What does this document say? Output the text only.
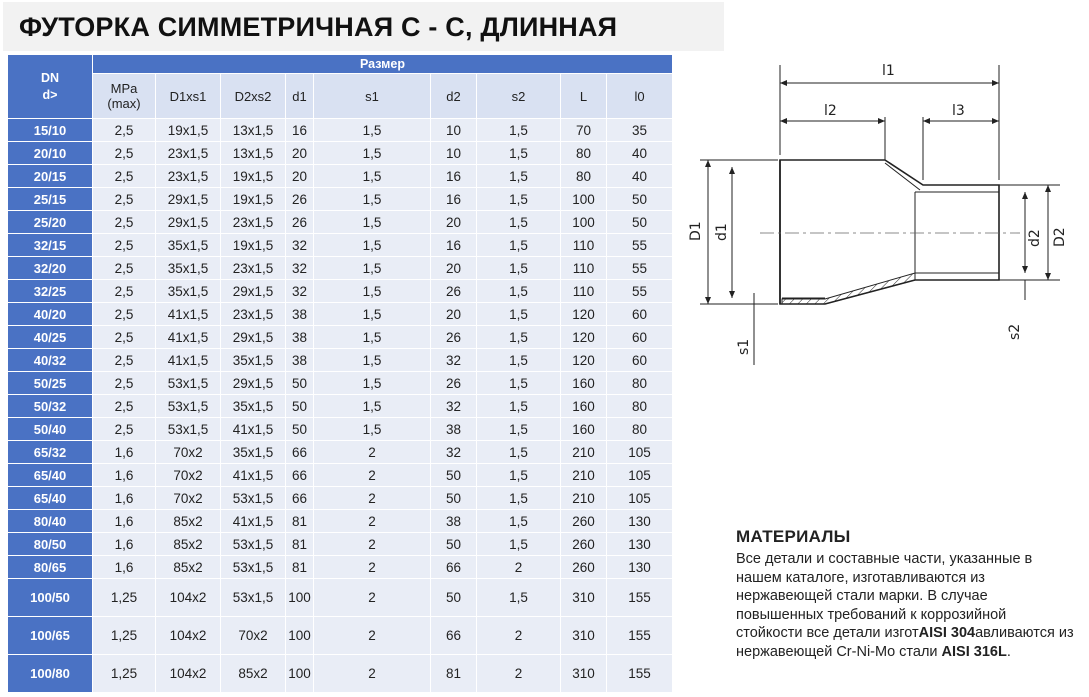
ФУТОРКА СИММЕТРИЧНАЯ С - С, ДЛИННАЯ
DN
d>	Размер								
	MPa
(max)	D1xs1	D2xs2	d1	s1	d2	s2	L	l0
15/10	2,5	19x1,5	13x1,5	16	1,5	10	1,5	70	35
20/10	2,5	23x1,5	13x1,5	20	1,5	10	1,5	80	40
20/15	2,5	23x1,5	19x1,5	20	1,5	16	1,5	80	40
25/15	2,5	29x1,5	19x1,5	26	1,5	16	1,5	100	50
25/20	2,5	29x1,5	23x1,5	26	1,5	20	1,5	100	50
32/15	2,5	35x1,5	19x1,5	32	1,5	16	1,5	110	55
32/20	2,5	35x1,5	23x1,5	32	1,5	20	1,5	110	55
32/25	2,5	35x1,5	29x1,5	32	1,5	26	1,5	110	55
40/20	2,5	41x1,5	23x1,5	38	1,5	20	1,5	120	60
40/25	2,5	41x1,5	29x1,5	38	1,5	26	1,5	120	60
40/32	2,5	41x1,5	35x1,5	38	1,5	32	1,5	120	60
50/25	2,5	53x1,5	29x1,5	50	1,5	26	1,5	160	80
50/32	2,5	53x1,5	35x1,5	50	1,5	32	1,5	160	80
50/40	2,5	53x1,5	41x1,5	50	1,5	38	1,5	160	80
65/32	1,6	70x2	35x1,5	66	2	32	1,5	210	105
65/40	1,6	70x2	41x1,5	66	2	50	1,5	210	105
65/40	1,6	70x2	53x1,5	66	2	50	1,5	210	105
80/40	1,6	85x2	41x1,5	81	2	38	1,5	260	130
80/50	1,6	85x2	53x1,5	81	2	50	1,5	260	130
80/65	1,6	85x2	53x1,5	81	2	66	2	260	130
100/50	1,25	104x2	53x1,5	100	2	50	1,5	310	155
100/65	1,25	104x2	70x2	100	2	66	2	310	155
100/80	1,25	104x2	85x2	100	2	81	2	310	155
l1
l2	l3
D1 d1
s1
d2 D2
s2
МАТЕРИАЛЫ
Все детали и составные части, указанные в нашем каталоге, изготавливаются из нержавеющей стали марки. В случае повышенных требований к коррозийной стойкости все детали изготAISI 304авливаются из нержавеющей Cr-Ni-Mo стали AISI 316L.
